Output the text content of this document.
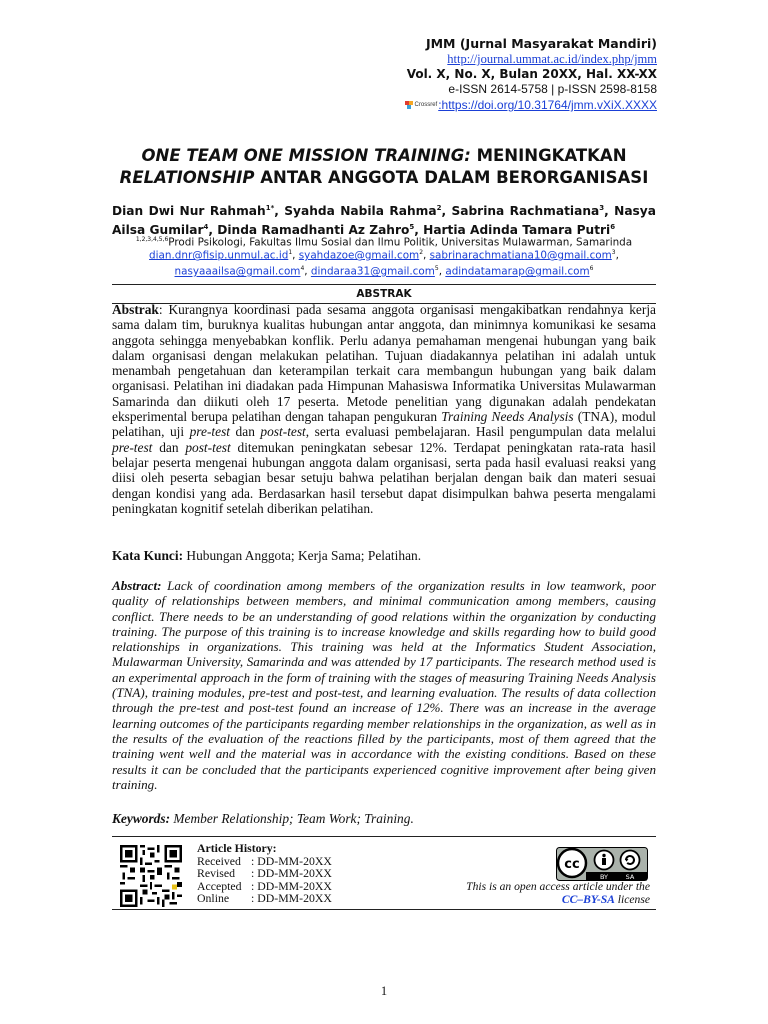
JMM (Jurnal Masyarakat Mandiri)
http://journal.ummat.ac.id/index.php/jmm
Vol. X, No. X, Bulan 20XX, Hal. XX-XX
e-ISSN 2614-5758 | p-ISSN 2598-8158
Crossref :https://doi.org/10.31764/jmm.vXiX.XXXX
ONE TEAM ONE MISSION TRAINING: MENINGKATKAN
RELATIONSHIP ANTAR ANGGOTA DALAM BERORGANISASI
Dian Dwi Nur Rahmah$^{1*}$, Syahda Nabila Rahma$^2$, Sabrina Rachmatiana$^3$, Nasya Ailsa Gumilar$^4$, Dinda Ramadhanti Az Zahro$^5$, Hartia Adinda Tamara Putri$^6$
$^{1,2,3,4,5,6}$Prodi Psikologi, Fakultas Ilmu Sosial dan Ilmu Politik, Universitas Mulawarman, Samarinda
$dian.dnr@fisip.unmul.ac.id^1$, syahdazoe@gmail.com$^2$, sabrinarachmatiana10@gmail.com$^3$,
nasyaaailsa@gmail.com$^4$, dindaraa31@gmail.com$^5$, adindatamarap@gmail.com$^6$
ABSTRAK
Abstrak: Kurangnya koordinasi pada sesama anggota organisasi mengakibatkan rendahnya kerja sama dalam tim, buruknya kualitas hubungan antar anggota, dan minimnya komunikasi ke sesama anggota sehingga menyebabkan konflik. Perlu adanya pemahaman mengenai hubungan yang baik dalam organisasi dengan melakukan pelatihan. Tujuan diadakannya pelatihan ini adalah untuk menambah pengetahuan dan keterampilan terkait cara membangun hubungan yang baik dalam organisasi. Pelatihan ini diadakan pada Himpunan Mahasiswa Informatika Universitas Mulawarman Samarinda dan diikuti oleh 17 peserta. Metode penelitian yang digunakan adalah pendekatan eksperimental berupa pelatihan dengan tahapan pengukuran Training Needs Analysis (TNA), modul pelatihan, uji pre-test dan post-test, serta evaluasi pembelajaran. Hasil pengumpulan data melalui pre-test dan post-test ditemukan peningkatan sebesar 12%. Terdapat peningkatan rata-rata hasil belajar peserta mengenai hubungan anggota dalam organisasi, serta pada hasil evaluasi reaksi yang diisi oleh peserta sebagian besar setuju bahwa pelatihan berjalan dengan baik dan materi sesuai dengan kondisi yang ada. Berdasarkan hasil tersebut dapat disimpulkan bahwa peserta mengalami peningkatan kognitif setelah diberikan pelatihan.
Kata Kunci: Hubungan Anggota; Kerja Sama; Pelatihan.
Abstract: Lack of coordination among members of the organization results in low teamwork, poor quality of relationships between members, and minimal communication among members, causing conflict. There needs to be an understanding of good relations within the organization by conducting training. The purpose of this training is to increase knowledge and skills regarding how to build good relationships in organizations. This training was held at the Informatics Student Association, Mulawarman University, Samarinda and was attended by 17 participants. The research method used is an experimental approach in the form of training with the stages of measuring Training Needs Analysis (TNA), training modules, pre-test and post-test, and learning evaluation. The results of data collection through the pre-test and post-test found an increase of 12%. There was an increase in the average learning outcomes of the participants regarding member relationships in the organization, as well as in the results of the evaluation of the reactions filled by the participants, most of them agreed that the training went well and the material was in accordance with the existing conditions. Based on these results it can be concluded that the participants experienced cognitive improvement after being given training.
Keywords: Member Relationship; Team Work; Training.
Article History:
Received : DD-MM-20XX
Revised	: DD-MM-20XX
Accepted : DD-MM-20XX
Online	: DD-MM-20XX
cc
BY	SA
This is an open access article under the
CC–BY-SA license
1
